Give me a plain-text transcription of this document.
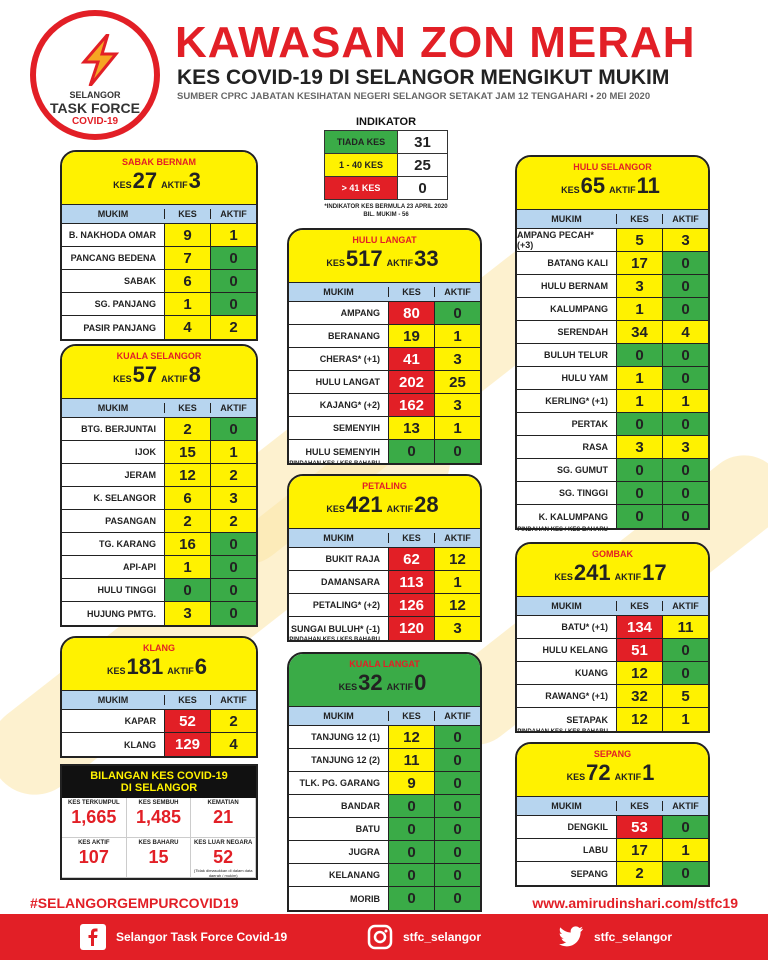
SELANGOR
TASK FORCE
COVID-19
KAWASAN ZON MERAH
KES COVID-19 DI SELANGOR MENGIKUT MUKIM
SUMBER CPRC JABATAN KESIHATAN NEGERI SELANGOR SETAKAT JAM 12 TENGAHARI • 20 MEI 2020
INDIKATOR
TIADA KES	31
1 - 40 KES	25
> 41 KES	0
*INDIKATOR KES BERMULA 23 APRIL 2020
BIL. MUKIM - 56
SABAK BERNAM
KES27 AKTIF3
MUKIM	KES	AKTIF
B. NAKHODA OMAR	9	1
PANCANG BEDENA	7	0
SABAK	6	0
SG. PANJANG	1	0
PASIR PANJANG	4	2
KUALA SELANGOR
KES57 AKTIF8
MUKIM	KES	AKTIF
BTG. BERJUNTAI	2	0
IJOK	15	1
JERAM	12	2
K. SELANGOR	6	3
PASANGAN	2	2
TG. KARANG	16	0
API-API	1	0
HULU TINGGI	0	0
HUJUNG PMTG.	3	0
KLANG
KES181 AKTIF6
MUKIM	KES	AKTIF
KAPAR	52	2
KLANG	129	4
HULU LANGAT
KES517 AKTIF33
MUKIM	KES	AKTIF
AMPANG	80	0
BERANANG	19	1
CHERAS* (+1)	41	3
HULU LANGAT	202	25
KAJANG* (+2)	162	3
SEMENYIH	13	1
HULU SEMENYIH	0	0
*PINDAHAN KES / KES BAHARU
PETALING
KES421 AKTIF28
MUKIM	KES	AKTIF
BUKIT RAJA	62	12
DAMANSARA	113	1
PETALING* (+2)	126	12
SUNGAI BULUH* (-1)	120	3
*PINDAHAN KES / KES BAHARU
KUALA LANGAT
KES32 AKTIF0
MUKIM	KES	AKTIF
TANJUNG 12 (1)	12	0
TANJUNG 12 (2)	11	0
TLK. PG. GARANG	9	0
BANDAR	0	0
BATU	0	0
JUGRA	0	0
KELANANG	0	0
MORIB	0	0
HULU SELANGOR
KES65 AKTIF11
MUKIM	KES	AKTIF
AMPANG PECAH* (+3)	5	3
BATANG KALI	17	0
HULU BERNAM	3	0
KALUMPANG	1	0
SERENDAH	34	4
BULUH TELUR	0	0
HULU YAM	1	0
KERLING* (+1)	1	1
PERTAK	0	0
RASA	3	3
SG. GUMUT	0	0
SG. TINGGI	0	0
K. KALUMPANG	0	0
*PINDAHAN KES / KES BAHARU
GOMBAK
KES241 AKTIF17
MUKIM	KES	AKTIF
BATU* (+1)	134	11
HULU KELANG	51	0
KUANG	12	0
RAWANG* (+1)	32	5
SETAPAK	12	1
*PINDAHAN KES / KES BAHARU
SEPANG
KES72 AKTIF1
MUKIM	KES	AKTIF
DENGKIL	53	0
LABU	17	1
SEPANG	2	0
BILANGAN KES COVID-19
DI SELANGOR
KES TERKUMPUL
1,665
KES SEMBUH
1,485
KEMATIAN
21
KES AKTIF
107
KES BAHARU
15
KES LUAR NEGARA
52
(Tidak dimasukkan di dalam data daerah / mukim)
#SELANGORGEMPURCOVID19	www.amirudinshari.com/stfc19
Selangor Task Force Covid-19	stfc_selangor	stfc_selangor
